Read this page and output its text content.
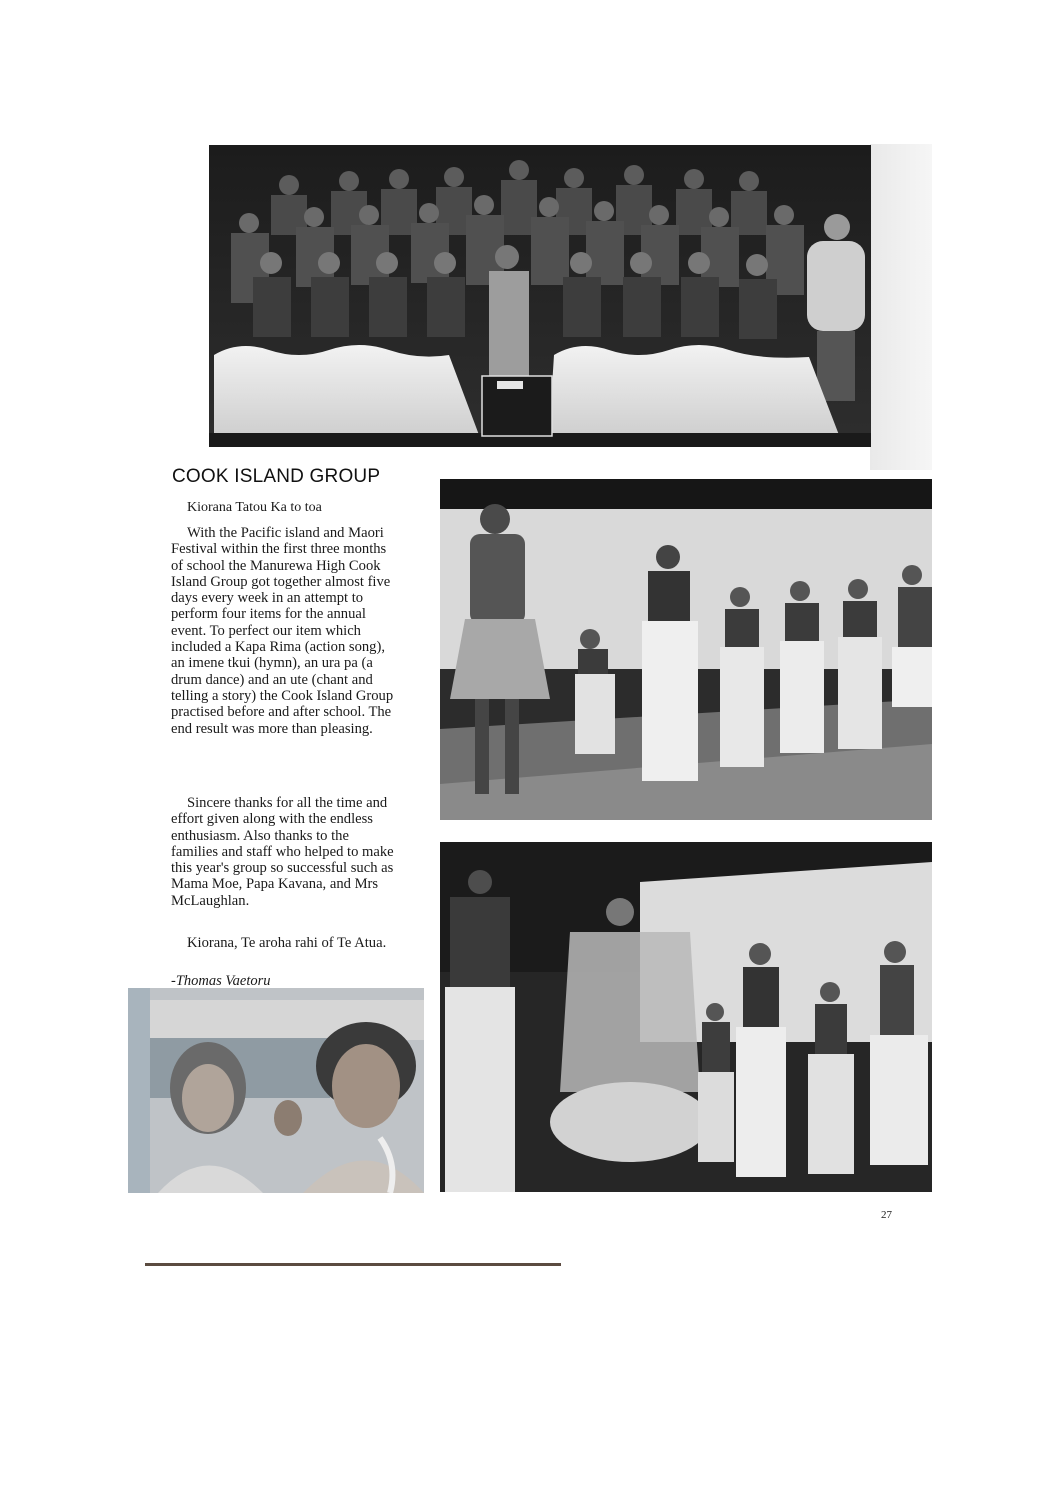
COOK ISLAND GROUP
Kiorana Tatou Ka to toa

With the Pacific island and Maori Festival within the first three months of school the Manurewa High Cook Island Group got together almost five days every week in an attempt to perform four items for the annual event. To perfect our item which included a Kapa Rima (action song), an imene tkui (hymn), an ura pa (a drum dance) and an ute (chant and telling a story) the Cook Island Group practised before and after school. The end result was more than pleasing.

Sincere thanks for all the time and effort given along with the endless enthusiasm. Also thanks to the families and staff who helped to make this year's group so successful such as Mama Moe, Papa Kavana, and Mrs McLaughlan.

Kiorana, Te aroha rahi of Te Atua.

-Thomas Vaetoru
27
